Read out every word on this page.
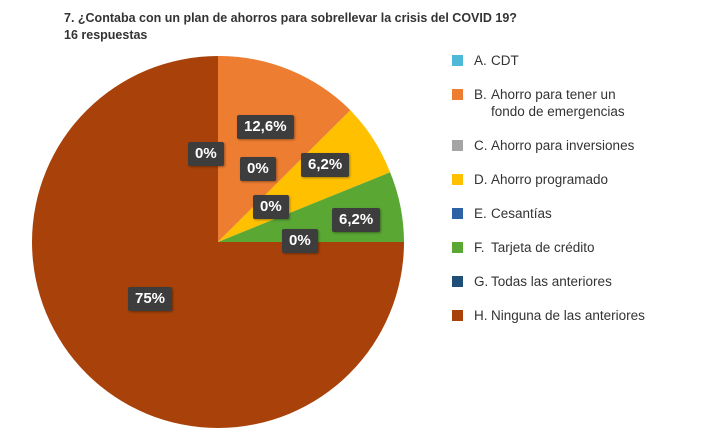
7. ¿Contaba con un plan de ahorros para sobrellevar la crisis del COVID 19?
16 respuestas
12,6%
0%
0%	6,2%
0%
6,2%
0%
75%
A. CDT
B. Ahorro para tener un
fondo de emergencias
C. Ahorro para inversiones
D. Ahorro programado
E. Cesantías
F. Tarjeta de crédito
G. Todas las anteriores
H. Ninguna de las anteriores
